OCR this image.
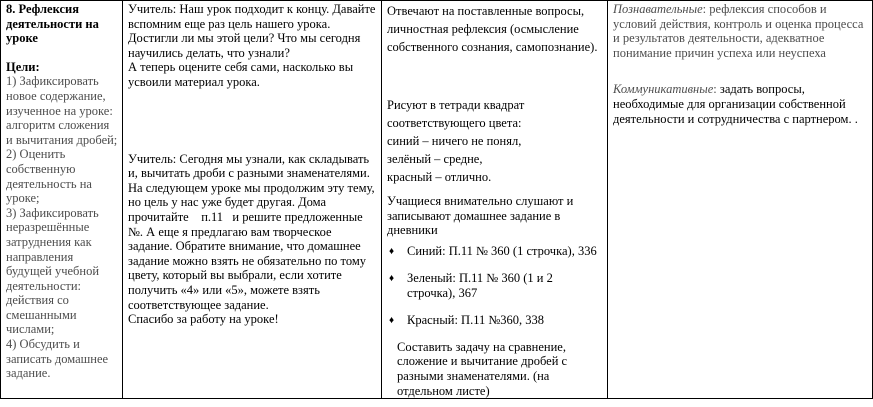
8. Рефлексия деятельности на уроке
Цели:
1) Зафиксировать новое содержание, изученное на уроке: алгоритм сложения и вычитания дробей;
2) Оценить собственную деятельность на уроке;
3) Зафиксировать неразрешённые затруднения как направления будущей учебной деятельности: действия со смешанными числами;
4) Обсудить и записать домашнее задание.

Учитель: Наш урок подходит к концу. Давайте вспомним еще раз цель нашего урока. Достигли ли мы этой цели? Что мы сегодня научились делать, что узнали?
А теперь оцените себя сами, насколько вы усвоили материал урока.
Учитель: Сегодня мы узнали, как складывать и, вычитать дроби с разными знаменателями. На следующем уроке мы продолжим эту тему, но цель у нас уже будет другая. Дома прочитайте    п.11   и решите предложенные №. А еще я предлагаю вам творческое задание. Обратите внимание, что домашнее задание можно взять не обязательно по тому цвету, который вы выбрали, если хотите получить «4» или «5», можете взять соответствующее задание.
Спасибо за работу на уроке!

Отвечают на поставленные вопросы, личностная рефлексия (осмысление собственного сознания, самопознание).
Рисуют в тетради квадрат соответствующего цвета:
синий – ничего не понял,
зелёный – средне,
красный – отлично.
Учащиеся внимательно слушают и записывают домашнее задание в дневники
♦ Синий: П.11 № 360 (1 строчка), 336
♦ Зеленый: П.11 № 360 (1 и 2 строчка), 367
♦ Красный: П.11 №360, 338
Составить задачу на сравнение, сложение и вычитание дробей с разными знаменателями. (на отдельном листе)

Познавательные: рефлексия способов и условий действия, контроль и оценка процесса и результатов деятельности, адекватное понимание причин успеха или неуспеха
Коммуникативные: задать вопросы, необходимые для организации собственной деятельности и сотрудничества с партнером. .
